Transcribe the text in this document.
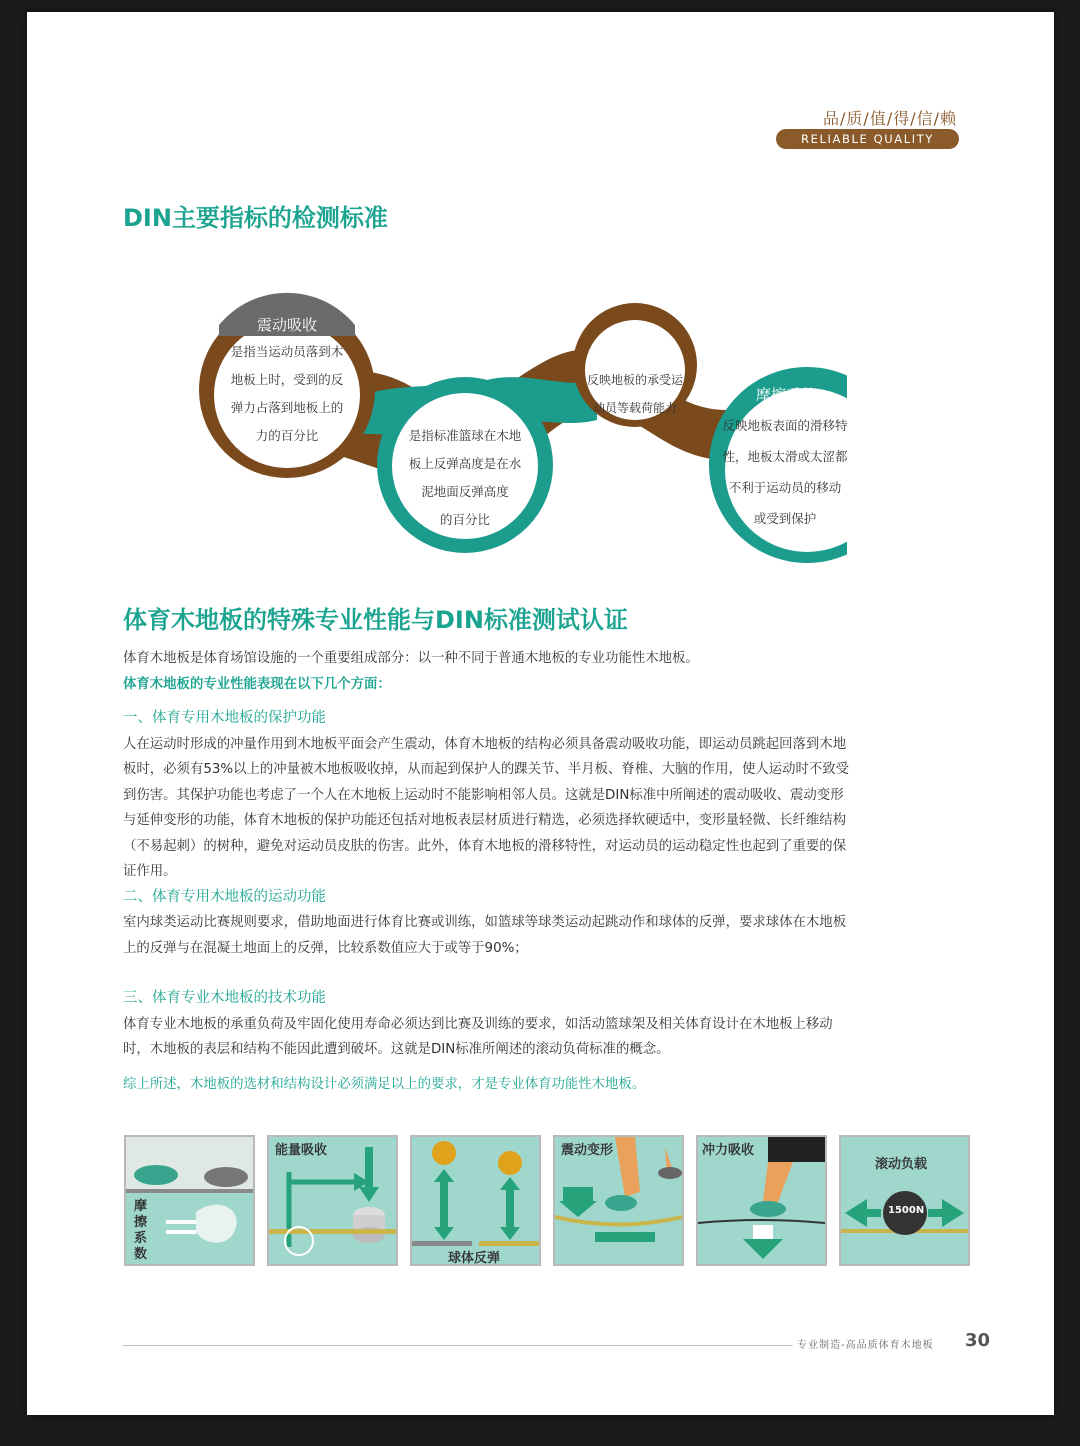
品/质/值/得/信/赖
RELIABLE QUALITY
DIN主要指标的检测标准
震动吸收
是指当运动员落到木
地板上时，受到的反
弹力占落到地板上的
力的百分比
球体反弹
是指标准篮球在木地
板上反弹高度是在水
泥地面反弹高度
的百分比
滚动负荷
反映地板的承受运
动员等载荷能力
摩擦系数
反映地板表面的滑移特
性，地板太滑或太涩都
不利于运动员的移动
或受到保护
体育木地板的特殊专业性能与DIN标准测试认证
体育木地板是体育场馆设施的一个重要组成部分：以一种不同于普通木地板的专业功能性木地板。
体育木地板的专业性能表现在以下几个方面：
一、体育专用木地板的保护功能
人在运动时形成的冲量作用到木地板平面会产生震动，体育木地板的结构必须具备震动吸收功能，即运动员跳起回落到木地
板时，必须有53%以上的冲量被木地板吸收掉，从而起到保护人的踝关节、半月板、脊椎、大脑的作用，使人运动时不致受
到伤害。其保护功能也考虑了一个人在木地板上运动时不能影响相邻人员。这就是DIN标准中所阐述的震动吸收、震动变形
与延伸变形的功能，体育木地板的保护功能还包括对地板表层材质进行精选，必须选择软硬适中，变形量轻微、长纤维结构
（不易起刺）的树种，避免对运动员皮肤的伤害。此外，体育木地板的滑移特性，对运动员的运动稳定性也起到了重要的保
证作用。
二、体育专用木地板的运动功能
室内球类运动比赛规则要求，借助地面进行体育比赛或训练，如篮球等球类运动起跳动作和球体的反弹，要求球体在木地板
上的反弹与在混凝土地面上的反弹，比较系数值应大于或等于90%；
三、体育专业木地板的技术功能
体育专业木地板的承重负荷及牢固化使用寿命必须达到比赛及训练的要求，如活动篮球架及相关体育设计在木地板上移动
时，木地板的表层和结构不能因此遭到破坏。这就是DIN标准所阐述的滚动负荷标准的概念。
综上所述，木地板的选材和结构设计必须满足以上的要求，才是专业体育功能性木地板。
摩擦系数
能量吸收
球体反弹
震动变形	冲力吸收
滚动负载
1500N
专业制造-高品质体育木地板 30
